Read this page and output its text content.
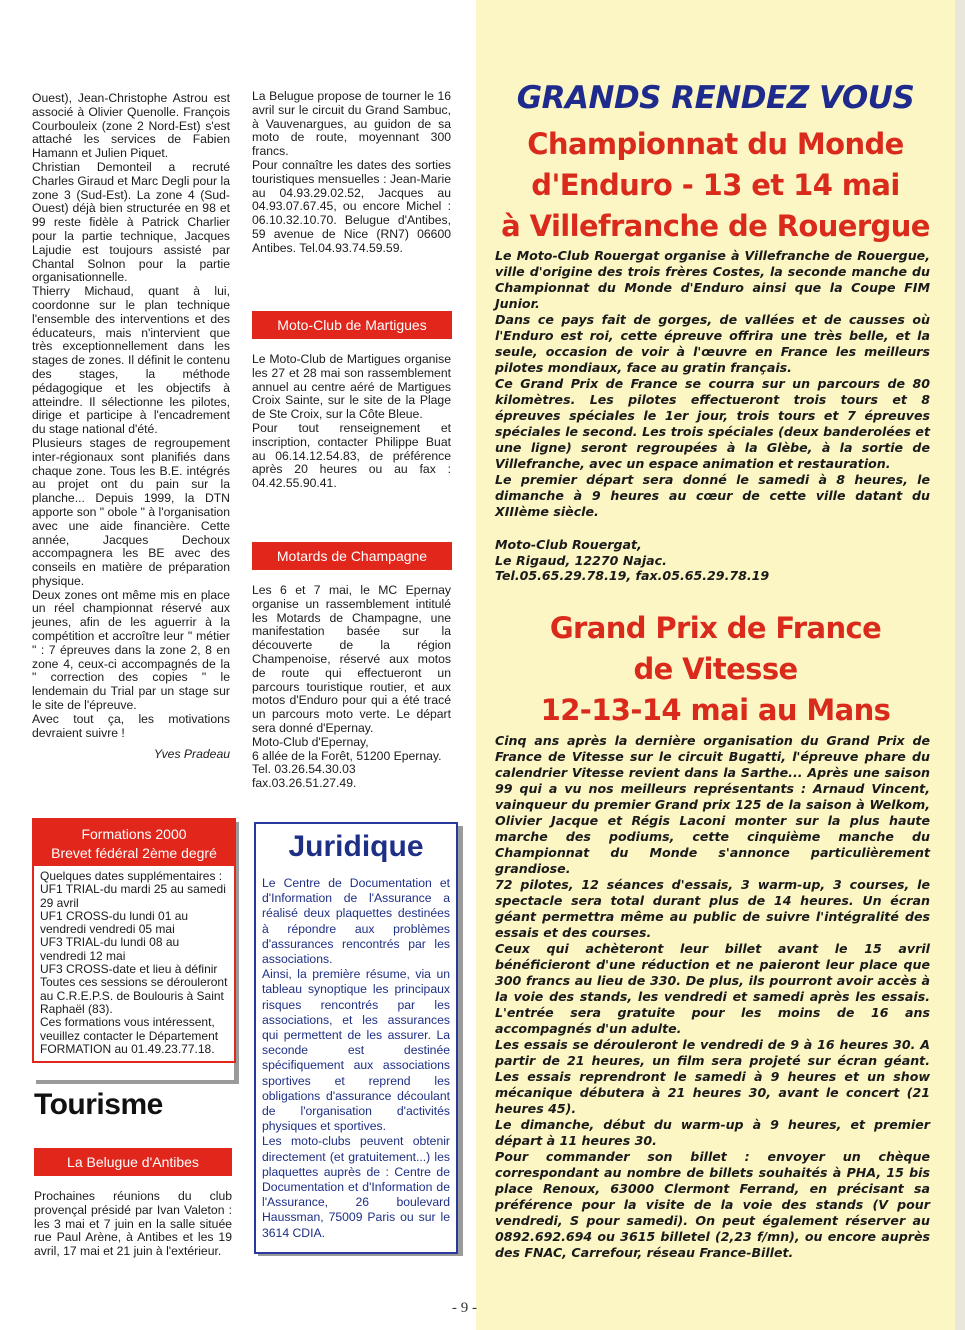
Ouest), Jean-Christophe Astrou est associé à Olivier Quenolle. François Courbouleix (zone 2 Nord-Est) s'est attaché les services de Fabien Hamann et Julien Piquet.

Christian Demonteil a recruté Charles Giraud et Marc Degli pour la zone 3 (Sud-Est). La zone 4 (Sud-Ouest) déjà bien structurée en 98 et 99 reste fidèle à Patrick Charlier pour la partie technique, Jacques Lajudie est toujours assisté par Chantal Solnon pour la partie organisationnelle.

Thierry Michaud, quant à lui, coordonne sur le plan technique l'ensemble des interventions et des éducateurs, mais n'intervient que très exceptionnellement dans les stages de zones. Il définit le contenu des stages, la méthode pédagogique et les objectifs à atteindre. Il sélectionne les pilotes, dirige et participe à l'encadrement du stage national d'été.

Plusieurs stages de regroupement inter-régionaux sont planifiés dans chaque zone. Tous les B.E. intégrés au projet ont du pain sur la planche... Depuis 1999, la DTN apporte son " obole " à l'organisation avec une aide financière. Cette année, Jacques Dechoux accompagnera les BE avec des conseils en matière de préparation physique.

Deux zones ont même mis en place un réel championnat réservé aux jeunes, afin de les aguerrir à la compétition et accroître leur " métier " : 7 épreuves dans la zone 2, 8 en zone 4, ceux-ci accompagnés de la " correction des copies " le lendemain du Trial par un stage sur le site de l'épreuve.

Avec tout ça, les motivations devraient suivre !

Yves Pradeau

Formations 2000
Brevet fédéral 2ème degré

Quelques dates supplémentaires :

UF1 TRIAL-du mardi 25 au samedi 29 avril

UF1 CROSS-du lundi 01 au vendredi vendredi 05 mai

UF3 TRIAL-du lundi 08 au vendredi 12 mai

UF3 CROSS-date et lieu à définir

Toutes ces sessions se dérouleront au C.R.E.P.S. de Boulouris à Saint Raphaël (83).

Ces formations vous intéressent, veuillez contacter le Département FORMATION au 01.49.23.77.18.

Tourisme
La Belugue d'Antibes

Prochaines réunions du club provençal présidé par Ivan Valeton : les 3 mai et 7 juin en la salle située rue Paul Arène, à Antibes et les 19 avril, 17 mai et 21 juin à l'extérieur.

La Belugue propose de tourner le 16 avril sur le circuit du Grand Sambuc, à Vauvenargues, au guidon de sa moto de route, moyennant 300 francs.

Pour connaître les dates des sorties touristiques mensuelles : Jean-Marie au 04.93.29.02.52, Jacques au 04.93.07.67.45, ou encore Michel : 06.10.32.10.70. Belugue d'Antibes, 59 avenue de Nice (RN7) 06600 Antibes. Tel.04.93.74.59.59.

Moto-Club de Martigues

Le Moto-Club de Martigues organise les 27 et 28 mai son rassemblement annuel au centre aéré de Martigues Croix Sainte, sur le site de la Plage de Ste Croix, sur la Côte Bleue.

Pour tout renseignement et inscription, contacter Philippe Buat au 06.14.12.54.83, de préférence après 20 heures ou au fax : 04.42.55.90.41.

Motards de Champagne

Les 6 et 7 mai, le MC Epernay organise un rassemblement intitulé les Motards de Champagne, une manifestation basée sur la découverte de la région Champenoise, réservé aux motos de route qui effectueront un parcours touristique routier, et aux motos d'Enduro pour qui a été tracé un parcours moto verte. Le départ sera donné d'Epernay.

Moto-Club d'Epernay,

6 allée de la Forêt, 51200 Epernay.

Tel. 03.26.54.30.03

fax.03.26.51.27.49.

Juridique

Le Centre de Documentation et d'Information de l'Assurance a réalisé deux plaquettes destinées à répondre aux problèmes d'assurances rencontrés par les associations.

Ainsi, la première résume, via un tableau synoptique les principaux risques rencontrés par les associations, et les assurances qui permettent de les assurer. La seconde est destinée spécifiquement aux associations sportives et reprend les obligations d'assurance découlant de l'organisation d'activités physiques et sportives.

Les moto-clubs peuvent obtenir directement (et gratuitement...) les plaquettes auprès de : Centre de Documentation et d'Information de l'Assurance, 26 boulevard Haussman, 75009 Paris ou sur le 3614 CDIA.

GRANDS RENDEZ VOUS
Championnat du Monde
d'Enduro - 13 et 14 mai
à Villefranche de Rouergue

Le Moto-Club Rouergat organise à Villefranche de Rouergue, ville d'origine des trois frères Costes, la seconde manche du Championnat du Monde d'Enduro ainsi que la Coupe FIM Junior.

Dans ce pays fait de gorges, de vallées et de causses où l'Enduro est roi, cette épreuve offrira une très belle, et la seule, occasion de voir à l'œuvre en France les meilleurs pilotes mondiaux, face au gratin français.

Ce Grand Prix de France se courra sur un parcours de 80 kilomètres. Les pilotes effectueront trois tours et 8 épreuves spéciales le 1er jour, trois tours et 7 épreuves spéciales le second. Les trois spéciales (deux banderolées et une ligne) seront regroupées à la Glèbe, à la sortie de Villefranche, avec un espace animation et restauration.

Le premier départ sera donné le samedi à 8 heures, le dimanche à 9 heures au cœur de cette ville datant du XIIIème siècle.

Moto-Club Rouergat,

Le Rigaud, 12270 Najac.

Tel.05.65.29.78.19, fax.05.65.29.78.19

Grand Prix de France
de Vitesse
12-13-14 mai au Mans

Cinq ans après la dernière organisation du Grand Prix de France de Vitesse sur le circuit Bugatti, l'épreuve phare du calendrier Vitesse revient dans la Sarthe... Après une saison 99 qui a vu nos meilleurs représentants : Arnaud Vincent, vainqueur du premier Grand prix 125 de la saison à Welkom, Olivier Jacque et Régis Laconi monter sur la plus haute marche des podiums, cette cinquième manche du Championnat du Monde s'annonce particulièrement grandiose.

72 pilotes, 12 séances d'essais, 3 warm-up, 3 courses, le spectacle sera total durant plus de 14 heures. Un écran géant permettra même au public de suivre l'intégralité des essais et des courses.

Ceux qui achèteront leur billet avant le 15 avril bénéficieront d'une réduction et ne paieront leur place que 300 francs au lieu de 330. De plus, ils pourront avoir accès à la voie des stands, les vendredi et samedi après les essais. L'entrée sera gratuite pour les moins de 16 ans accompagnés d'un adulte.

Les essais se dérouleront le vendredi de 9 à 16 heures 30. A partir de 21 heures, un film sera projeté sur écran géant. Les essais reprendront le samedi à 9 heures et un show mécanique débutera à 21 heures 30, avant le concert (21 heures 45).

Le dimanche, début du warm-up à 9 heures, et premier départ à 11 heures 30.

Pour commander son billet : envoyer un chèque correspondant au nombre de billets souhaités à PHA, 15 bis place Renoux, 63000 Clermont Ferrand, en précisant sa préférence pour la visite de la voie des stands (V pour vendredi, S pour samedi). On peut également réserver au 0892.692.694 ou 3615 billetel (2,23 f/mn), ou encore auprès des FNAC, Carrefour, réseau France-Billet.

- 9 -
